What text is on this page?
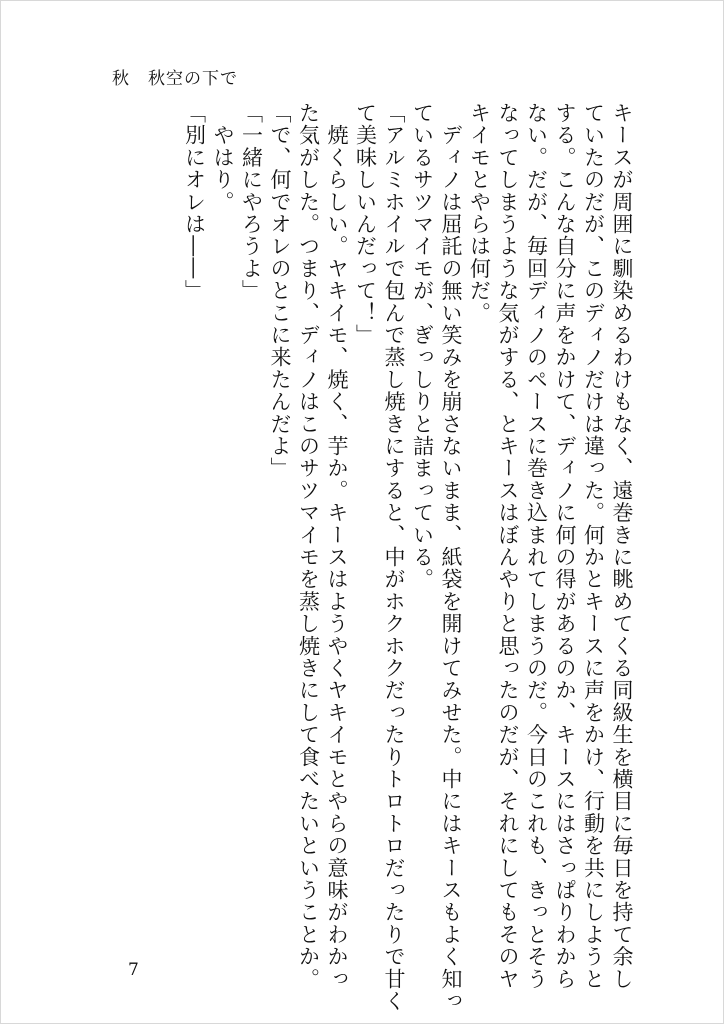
秋　秋空の下で

キースが周囲に馴染めるわけもなく、遠巻きに眺めてくる同級生を横目に毎日を持て余し

ていたのだが、このディノだけは違った。何かとキースに声をかけ、行動を共にしようと

する。こんな自分に声をかけて、ディノに何の得があるのか、キースにはさっぱりわから

ない。だが、毎回ディノのペースに巻き込まれてしまうのだ。今日のこれも、きっとそう

なってしまうような気がする、とキースはぼんやりと思ったのだが、それにしてもそのヤ

キイモとやらは何だ。

　ディノは屈託の無い笑みを崩さないまま、紙袋を開けてみせた。中にはキースもよく知っ

ているサツマイモが、ぎっしりと詰まっている。

「アルミホイルで包んで蒸し焼きにすると、中がホクホクだったりトロトロだったりで甘く

て美味しいんだって！」

　焼くらしい。ヤキイモ、焼く、芋か。キースはようやくヤキイモとやらの意味がわかっ

た気がした。つまり、ディノはこのサツマイモを蒸し焼きにして食べたいということか。

「で、何でオレのとこに来たんだよ」

「一緒にやろうよ」

　やはり。

「別にオレは――」

7
